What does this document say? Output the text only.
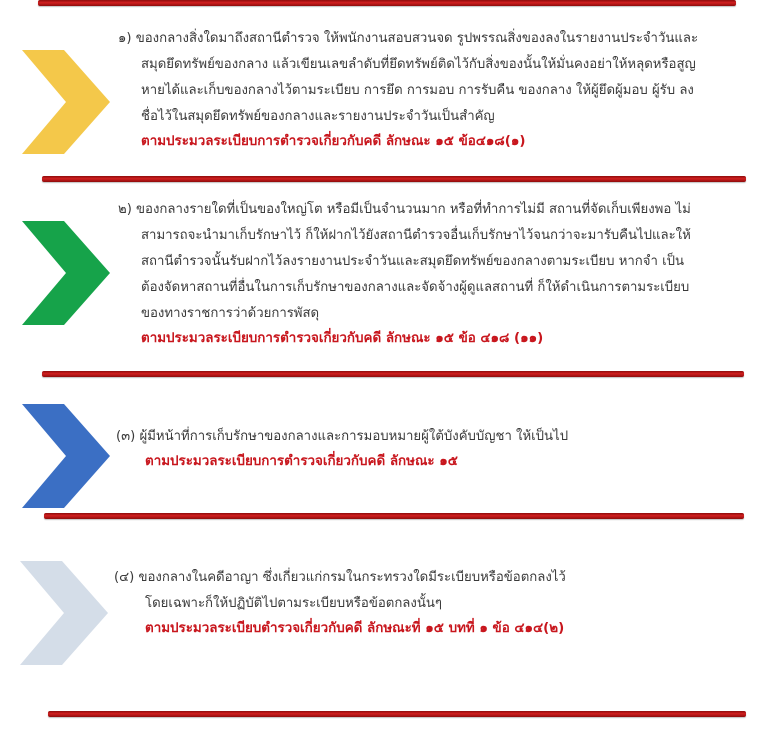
๑) ของกลางสิ่งใดมาถึงสถานีตำรวจ ให้พนักงานสอบสวนจด รูปพรรณสิ่งของลงในรายงานประจำวันและ
สมุดยึดทรัพย์ของกลาง แล้วเขียนเลขลำดับที่ยึดทรัพย์ติดไว้กับสิ่งของนั้นให้มั่นคงอย่าให้หลุดหรือสูญ
หายได้และเก็บของกลางไว้ตามระเบียบ การยึด การมอบ การรับคืน ของกลาง ให้ผู้ยึดผู้มอบ ผู้รับ ลง
ชื่อไว้ในสมุดยึดทรัพย์ของกลางและรายงานประจำวันเป็นสำคัญ
ตามประมวลระเบียบการตำรวจเกี่ยวกับคดี ลักษณะ ๑๕ ข้อ๔๑๘(๑)
๒) ของกลางรายใดที่เป็นของใหญ่โต หรือมีเป็นจำนวนมาก หรือที่ทำการไม่มี สถานที่จัดเก็บเพียงพอ ไม่
สามารถจะนำมาเก็บรักษาไว้ ก็ให้ฝากไว้ยังสถานีตำรวจอื่นเก็บรักษาไว้จนกว่าจะมารับคืนไปและให้
สถานีตำรวจนั้นรับฝากไว้ลงรายงานประจำวันและสมุดยึดทรัพย์ของกลางตามระเบียบ หากจำ เป็น
ต้องจัดหาสถานที่อื่นในการเก็บรักษาของกลางและจัดจ้างผู้ดูแลสถานที่ ก็ให้ดำเนินการตามระเบียบ
ของทางราชการว่าด้วยการพัสดุ
ตามประมวลระเบียบการตำรวจเกี่ยวกับคดี ลักษณะ ๑๕ ข้อ ๔๑๘ (๑๑)
(๓) ผู้มีหน้าที่การเก็บรักษาของกลางและการมอบหมายผู้ใต้บังคับบัญชา ให้เป็นไป
ตามประมวลระเบียบการตำรวจเกี่ยวกับคดี ลักษณะ ๑๕
(๔) ของกลางในคดีอาญา ซึ่งเกี่ยวแก่กรมในกระทรวงใดมีระเบียบหรือข้อตกลงไว้
โดยเฉพาะก็ให้ปฏิบัติไปตามระเบียบหรือข้อตกลงนั้นๆ
ตามประมวลระเบียบตำรวจเกี่ยวกับคดี ลักษณะที่ ๑๕ บทที่ ๑ ข้อ ๔๑๔(๒)
